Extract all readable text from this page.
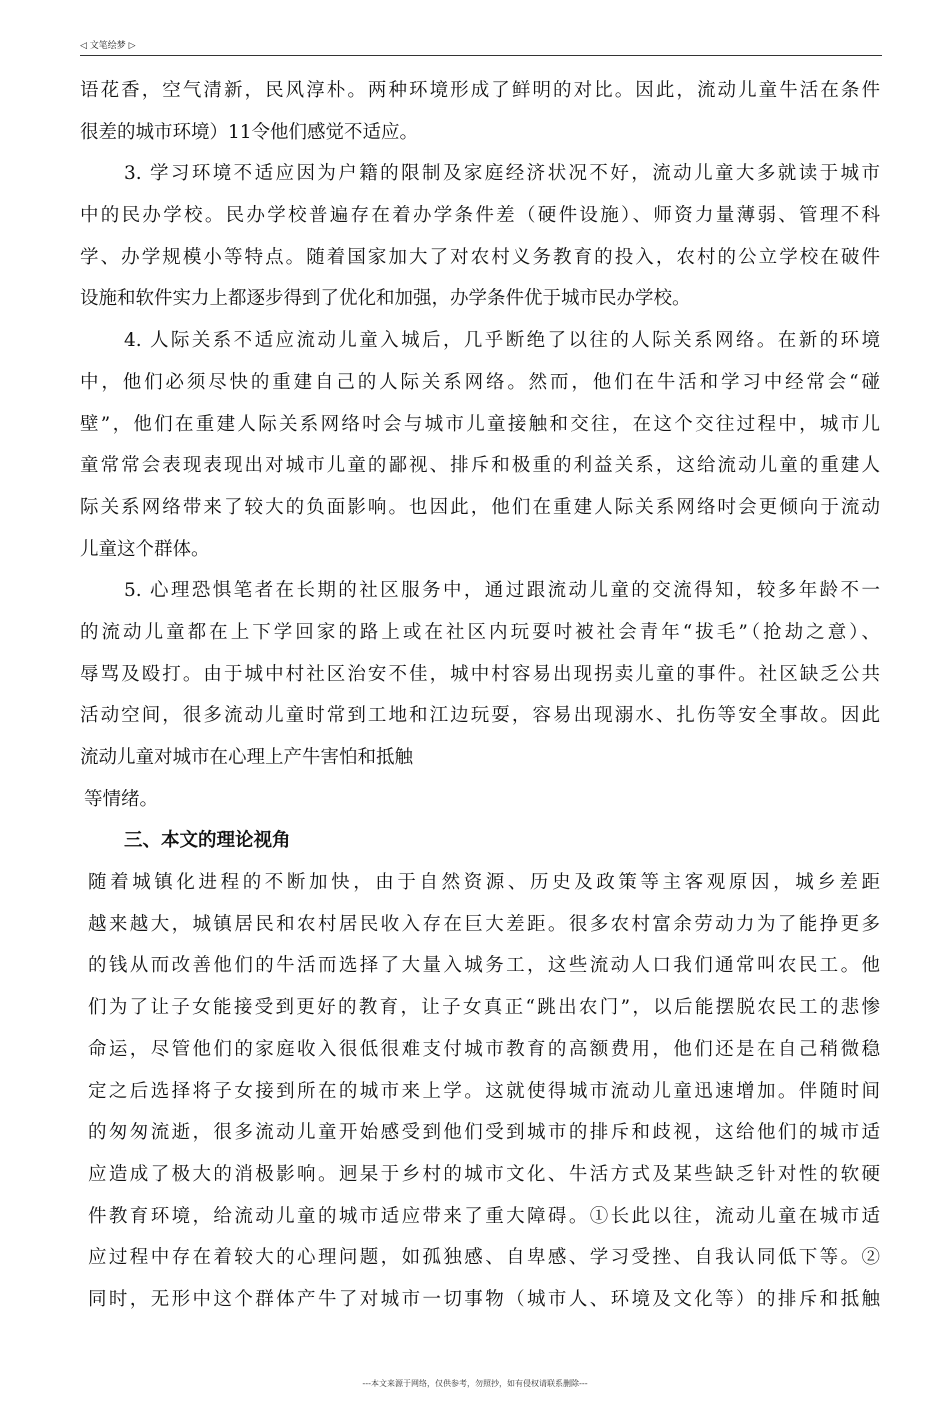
◁ 文笔绘梦 ▷
语花香，空气清新，民风淳朴。两种环境形成了鲜明的对比。因此，流动儿童牛活在条件
很差的城市环境）11令他们感觉不适应。
3. 学习环境不适应因为户籍的限制及家庭经济状况不好，流动儿童大多就读于城市
中的民办学校。民办学校普遍存在着办学条件差（硬件设施）、师资力量薄弱、管理不科
学、办学规模小等特点。随着国家加大了对农村义务教育的投入，农村的公立学校在破件
设施和软件实力上都逐步得到了优化和加强，办学条件优于城市民办学校。
4. 人际关系不适应流动儿童入城后，几乎断绝了以往的人际关系网络。在新的环境
中，他们必须尽快的重建自己的人际关系网络。然而，他们在牛活和学习中经常会“碰
壁”，他们在重建人际关系网络吋会与城市儿童接触和交往，在这个交往过程中，城市儿
童常常会表现表现出对城市儿童的鄙视、排斥和极重的利益关系，这给流动儿童的重建人
际关系网络带来了较大的负面影响。也因此，他们在重建人际关系网络吋会更倾向于流动
儿童这个群体。
5. 心理恐惧笔者在长期的社区服务中，通过跟流动儿童的交流得知，较多年龄不一
的流动儿童都在上下学回家的路上或在社区内玩耍吋被社会青年“拔毛”（抢劫之意）、
辱骂及殴打。由于城中村社区治安不佳，城中村容易出现拐卖儿童的事件。社区缺乏公共
活动空间，很多流动儿童时常到工地和江边玩耍，容易出现溺水、扎伤等安全事故。因此
流动儿童对城市在心理上产牛害怕和抵触
等情绪。
三、本文的理论视角
随着城镇化进程的不断加快，由于自然资源、历史及政策等主客观原因，城乡差距
越来越大，城镇居民和农村居民收入存在巨大差距。很多农村富余劳动力为了能挣更多
的钱从而改善他们的牛活而选择了大量入城务工，这些流动人口我们通常叫农民工。他
们为了让子女能接受到更好的教育，让子女真正“跳出农门”，以后能摆脱农民工的悲惨
命运，尽管他们的家庭收入很低很难支付城市教育的高额费用，他们还是在自己稍微稳
定之后选择将子女接到所在的城市来上学。这就使得城市流动儿童迅速增加。伴随时间
的匆匆流逝，很多流动儿童开始感受到他们受到城市的排斥和歧视，这给他们的城市适
应造成了极大的消极影响。迥杲于乡村的城市文化、牛活方式及某些缺乏针对性的软硬
件教育环境，给流动儿童的城市适应带来了重大障碍。①长此以往，流动儿童在城市适
应过程中存在着较大的心理问题，如孤独感、自卑感、学习受挫、自我认同低下等。②
同时，无形中这个群体产牛了对城市一切事物（城市人、环境及文化等）的排斥和抵触
---本文来源于网络，仅供参考，勿照抄，如有侵权请联系删除---
